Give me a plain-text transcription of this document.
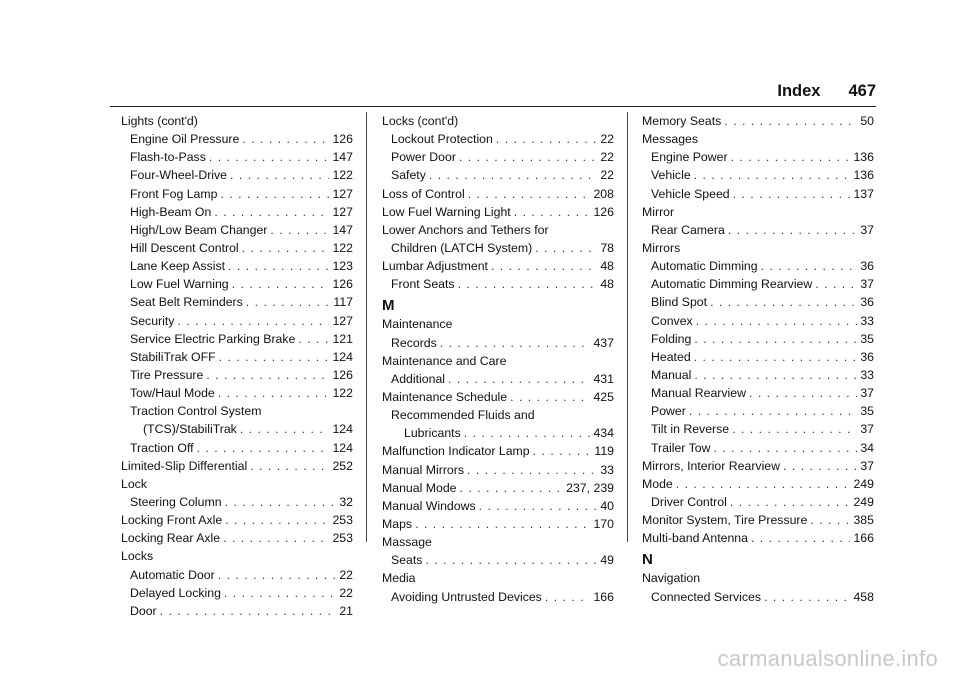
Index 467
Lights (cont'd)
Engine Oil Pressure . . .	126
Flash-to-Pass . . .	147
Four-Wheel-Drive . . .	122
Front Fog Lamp . . .	127
High-Beam On . . .	127
High/Low Beam Changer . . .	147
Hill Descent Control . . .	122
Lane Keep Assist . . .	123
Low Fuel Warning . . .	126
Seat Belt Reminders . . .	117
Security . . .	127
Service Electric Parking Brake . . .	121
StabiliTrak OFF . . .	124
Tire Pressure . . .	126
Tow/Haul Mode . . .	122
Traction Control System
(TCS)/StabiliTrak . . .	124
Traction Off . . .	124
Limited-Slip Differential . . .	252
Lock
Steering Column . . .	32
Locking Front Axle . . .	253
Locking Rear Axle . . .	253
Locks
Automatic Door . . .	22
Delayed Locking . . .	22
Door . . .	21
Locks (cont'd)
Lockout Protection . . .	22
Power Door . . .	22
Safety . . .	22
Loss of Control . . .	208
Low Fuel Warning Light . . .	126
Lower Anchors and Tethers for
Children (LATCH System) . . .	78
Lumbar Adjustment . . .	48
Front Seats . . .	48
M
Maintenance
Records . . .	437
Maintenance and Care
Additional . . .	431
Maintenance Schedule . . .	425
Recommended Fluids and
Lubricants . . .	434
Malfunction Indicator Lamp . . .	119
Manual Mirrors . . .	33
Manual Mode . . .	237, 239
Manual Windows . . .	40
Maps . . .	170
Massage
Seats . . .	49
Media
Avoiding Untrusted Devices . . .	166
Memory Seats . . .	50
Messages
Engine Power . . .	136
Vehicle . . .	136
Vehicle Speed . . .	137
Mirror
Rear Camera . . .	37
Mirrors
Automatic Dimming . . .	36
Automatic Dimming Rearview . . .	37
Blind Spot . . .	36
Convex . . .	33
Folding . . .	35
Heated . . .	36
Manual . . .	33
Manual Rearview . . .	37
Power . . .	35
Tilt in Reverse . . .	37
Trailer Tow . . .	34
Mirrors, Interior Rearview . . .	37
Mode . . .	249
Driver Control . . .	249
Monitor System, Tire Pressure . . .	385
Multi-band Antenna . . .	166
N
Navigation
Connected Services . . .	458
carmanualsonline.info
